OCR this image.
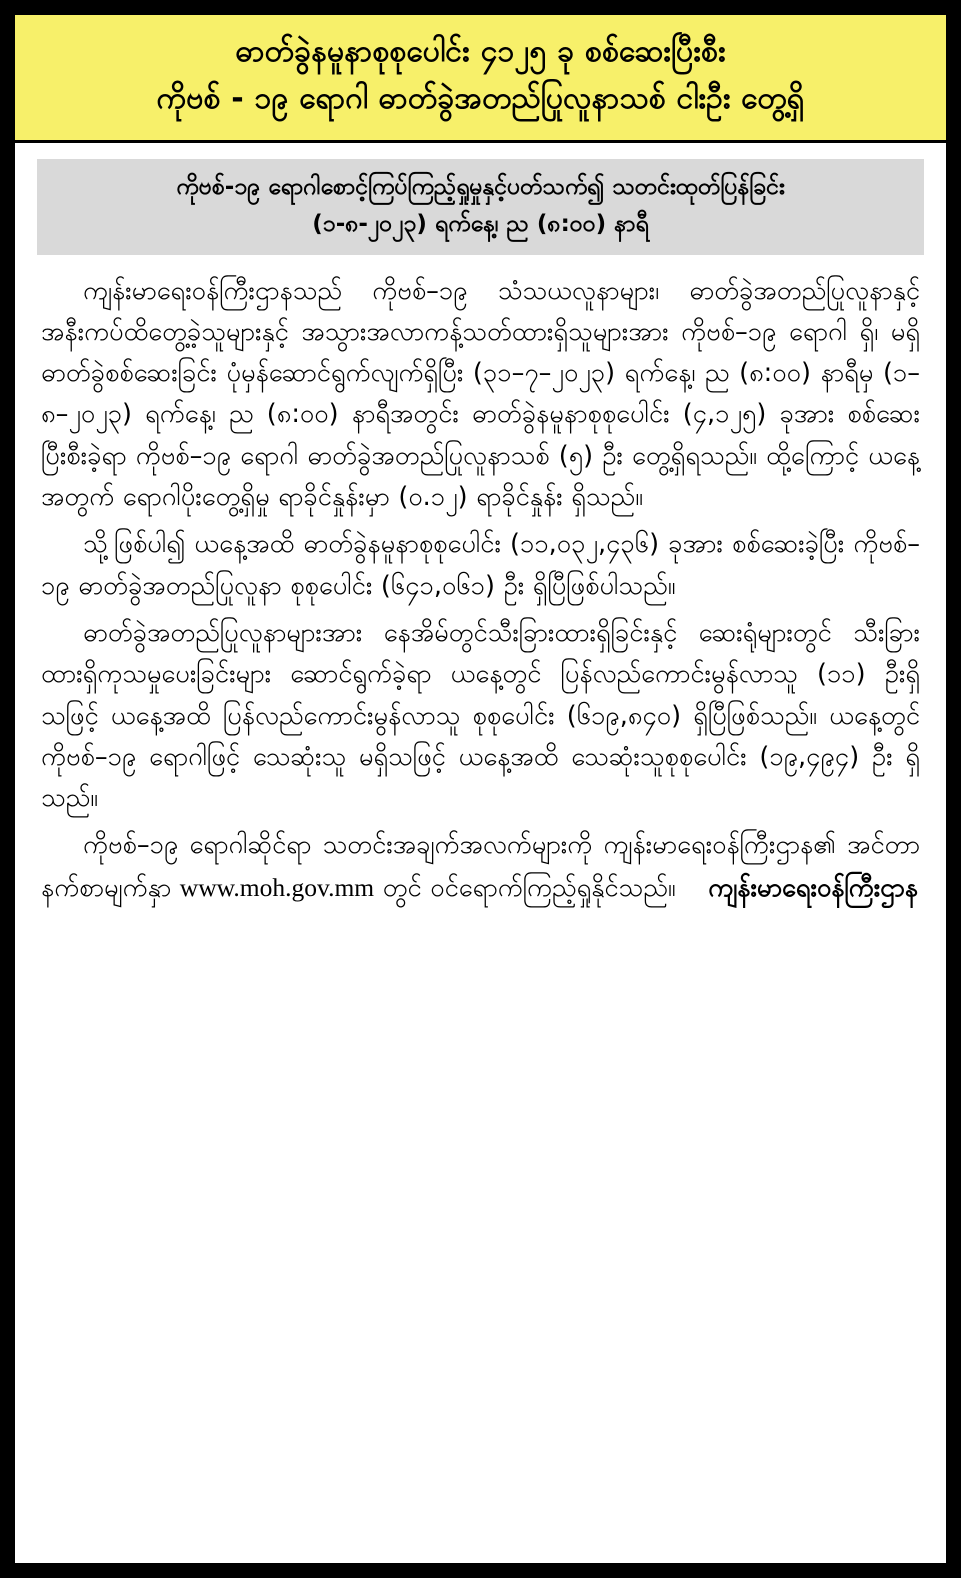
ဓာတ်ခွဲနမူနာစုစုပေါင်း ၄၁၂၅ ခု စစ်ဆေးပြီးစီး
ကိုဗစ် - ၁၉ ရောဂါ ဓာတ်ခွဲအတည်ပြုလူနာသစ် ငါးဦး တွေ့ရှိ
ကိုဗစ်-၁၉ ရောဂါစောင့်ကြပ်ကြည့်ရှုမှုနှင့်ပတ်သက်၍ သတင်းထုတ်ပြန်ခြင်း
(၁-၈-၂၀၂၃) ရက်နေ့၊ ည (၈:၀၀) နာရီ

ကျန်းမာရေးဝန်ကြီးဌာနသည် ကိုဗစ်–၁၉ သံသယလူနာများ၊ ဓာတ်ခွဲအတည်ပြုလူနာနှင့် အနီးကပ်ထိတွေ့ခဲ့သူများနှင့် အသွားအလာကန့်သတ်ထားရှိသူများအား ကိုဗစ်–၁၉ ရောဂါ ရှိ၊ မရှိ ဓာတ်ခွဲစစ်ဆေးခြင်း ပုံမှန်ဆောင်ရွက်လျက်ရှိပြီး (၃၁–၇–၂၀၂၃) ရက်နေ့၊ ည (၈:၀၀) နာရီမှ (၁–၈–၂၀၂၃) ရက်နေ့၊ ည (၈:၀၀) နာရီအတွင်း ဓာတ်ခွဲနမူနာစုစုပေါင်း (၄,၁၂၅) ခုအား စစ်ဆေးပြီးစီးခဲ့ရာ ကိုဗစ်–၁၉ ရောဂါ ဓာတ်ခွဲအတည်ပြုလူနာသစ် (၅) ဦး တွေ့ရှိရသည်။ ထို့ကြောင့် ယနေ့အတွက် ရောဂါပိုးတွေ့ရှိမှု ရာခိုင်နှုန်းမှာ (၀.၁၂) ရာခိုင်နှုန်း ရှိသည်။

သို့ဖြစ်ပါ၍ ယနေ့အထိ ဓာတ်ခွဲနမူနာစုစုပေါင်း (၁၁,၀၃၂,၄၃၆) ခုအား စစ်ဆေးခဲ့ပြီး ကိုဗစ်–၁၉ ဓာတ်ခွဲအတည်ပြုလူနာ စုစုပေါင်း (၆၄၁,၀၆၁) ဦး ရှိပြီဖြစ်ပါသည်။

ဓာတ်ခွဲအတည်ပြုလူနာများအား နေအိမ်တွင်သီးခြားထားရှိခြင်းနှင့် ဆေးရုံများတွင် သီးခြားထားရှိကုသမှုပေးခြင်းများ ဆောင်ရွက်ခဲ့ရာ ယနေ့တွင် ပြန်လည်ကောင်းမွန်လာသူ (၁၁) ဦးရှိသဖြင့် ယနေ့အထိ ပြန်လည်ကောင်းမွန်လာသူ စုစုပေါင်း (၆၁၉,၈၄၀) ရှိပြီဖြစ်သည်။ ယနေ့တွင် ကိုဗစ်–၁၉ ရောဂါဖြင့် သေဆုံးသူ မရှိသဖြင့် ယနေ့အထိ သေဆုံးသူစုစုပေါင်း (၁၉,၄၉၄) ဦး ရှိသည်။

ကိုဗစ်–၁၉ ရောဂါဆိုင်ရာ သတင်းအချက်အလက်များကို ကျန်းမာရေးဝန်ကြီးဌာန၏ အင်တာနက်စာမျက်နှာ www.moh.gov.mm တွင် ဝင်ရောက်ကြည့်ရှုနိုင်သည်။	ကျန်းမာရေးဝန်ကြီးဌာန
